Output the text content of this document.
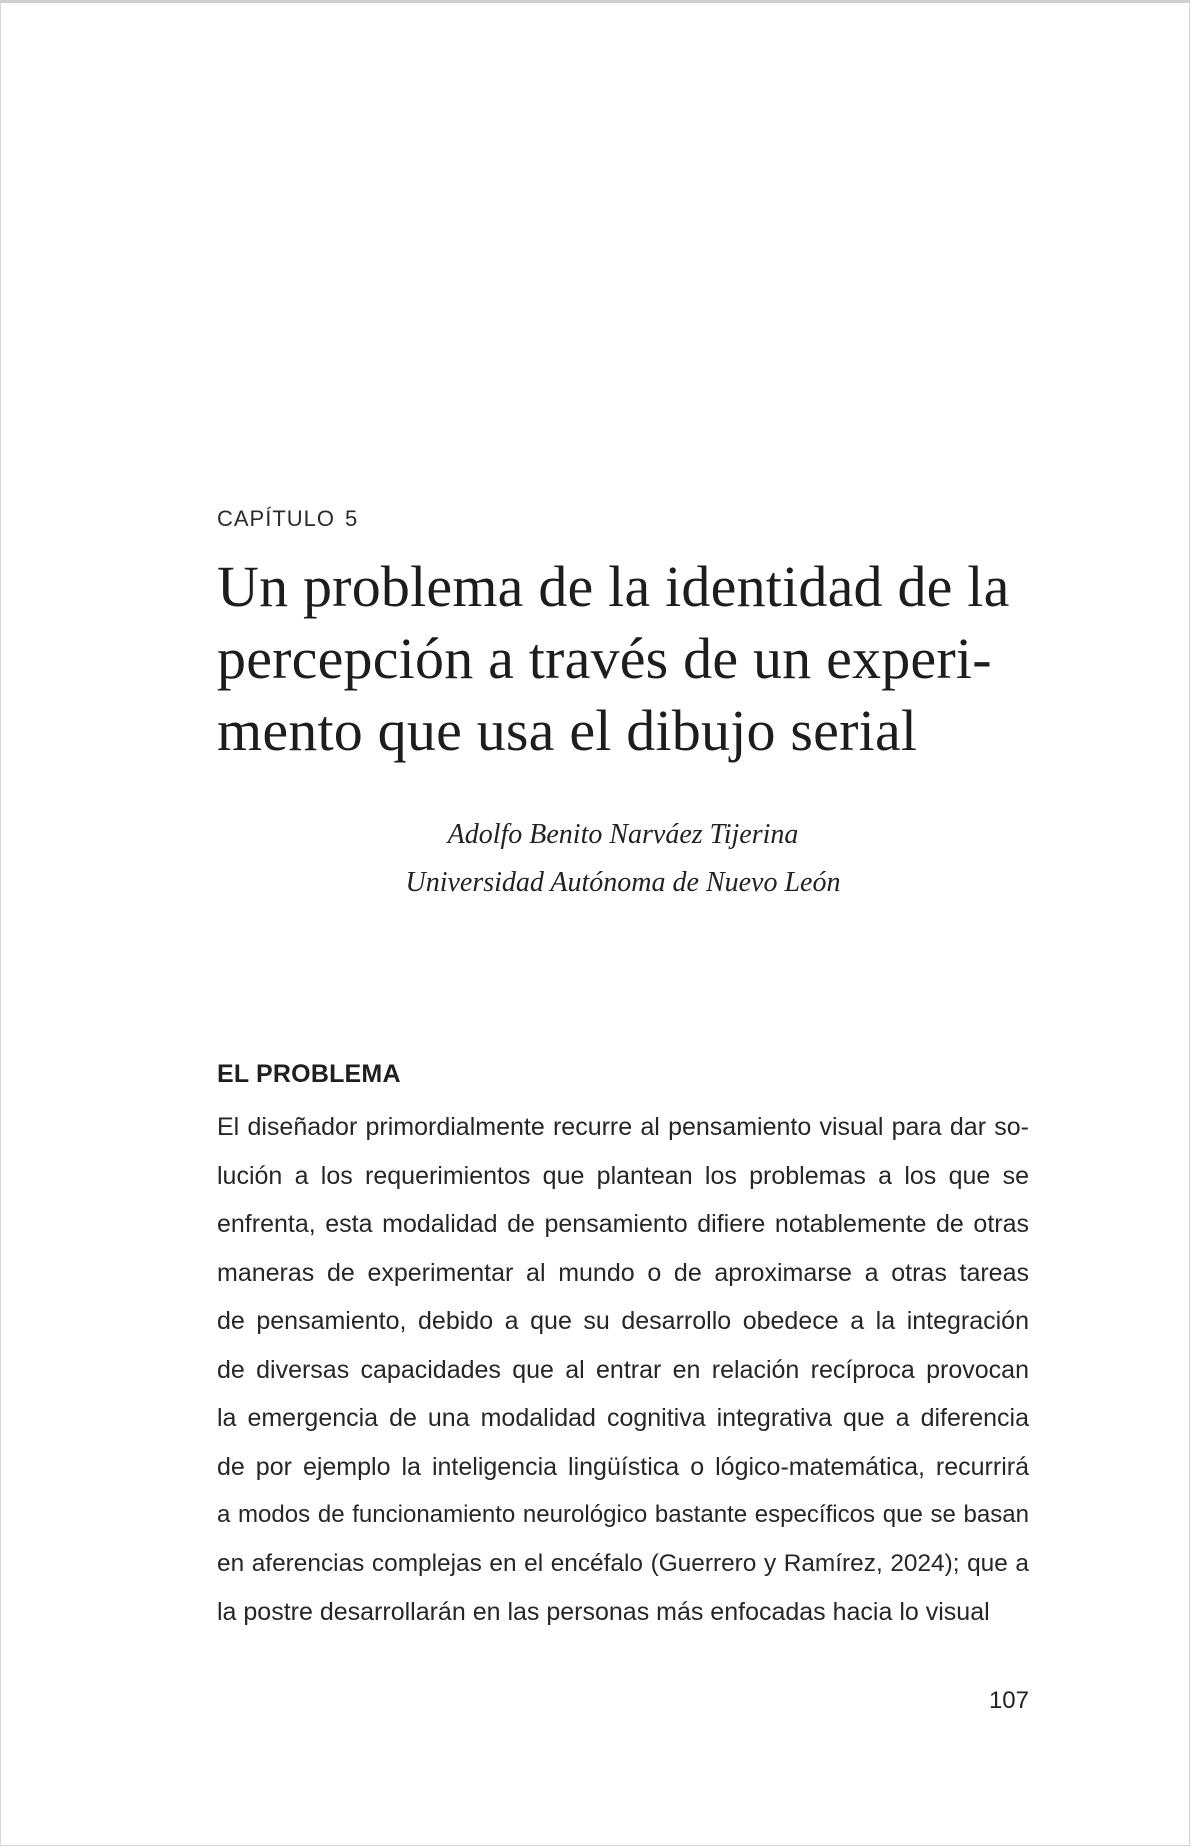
CAPÍTULO 5
Un problema de la identidad de la
percepción a través de un experi-
mento que usa el dibujo serial
Adolfo Benito Narváez Tijerina
Universidad Autónoma de Nuevo León
EL PROBLEMA
El diseñador primordialmente recurre al pensamiento visual para dar so-
lución a los requerimientos que plantean los problemas a los que se
enfrenta, esta modalidad de pensamiento difiere notablemente de otras
maneras de experimentar al mundo o de aproximarse a otras tareas
de pensamiento, debido a que su desarrollo obedece a la integración
de diversas capacidades que al entrar en relación recíproca provocan
la emergencia de una modalidad cognitiva integrativa que a diferencia
de por ejemplo la inteligencia lingüística o lógico-matemática, recurrirá
a modos de funcionamiento neurológico bastante específicos que se basan
en aferencias complejas en el encéfalo (Guerrero y Ramírez, 2024); que a
la postre desarrollarán en las personas más enfocadas hacia lo visual
107
